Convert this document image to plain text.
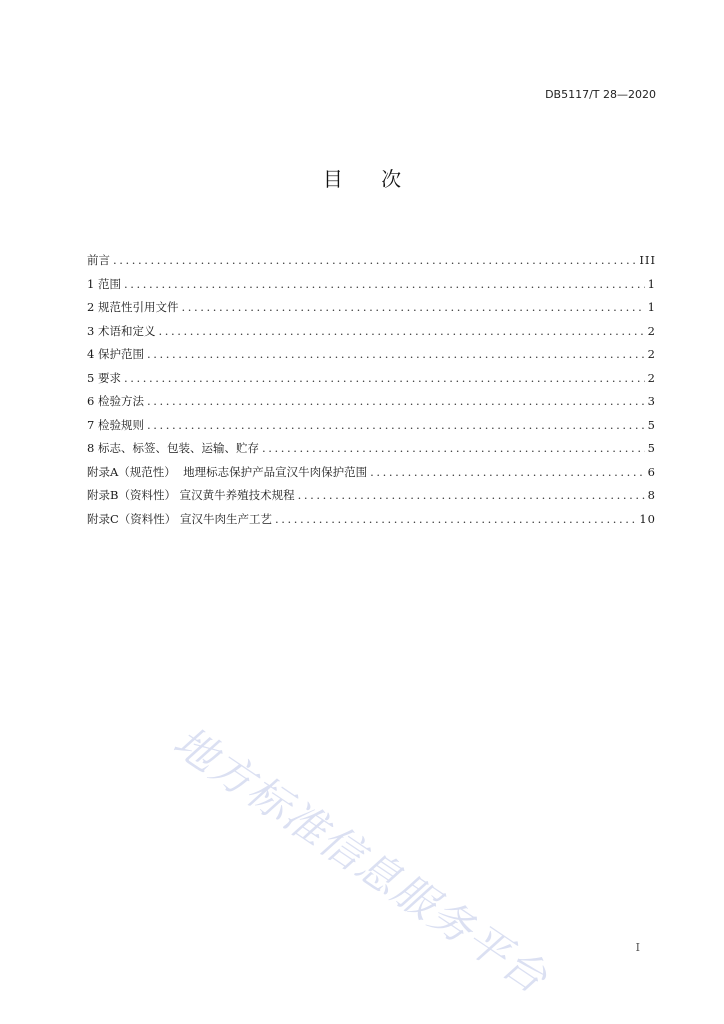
DB5117/T 28—2020
目 次
前言 .....	III
1 范围 .....	1
2 规范性引用文件 .....	1
3 术语和定义 .....	2
4 保护范围 .....	2
5 要求 .....	2
6 检验方法 .....	3
7 检验规则 .....	5
8 标志、标签、包装、运输、贮存 .....	5
附录A（规范性）  地理标志保护产品宣汉牛肉保护范围 .....	6
附录B（资料性） 宣汉黄牛养殖技术规程 .....	8
附录C（资料性） 宣汉牛肉生产工艺 .....	10
地方标准信息服务平台	I
